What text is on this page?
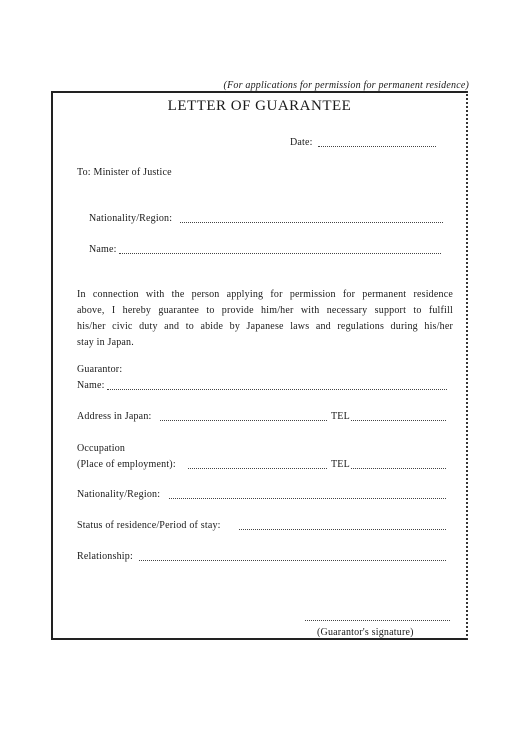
(For applications for permission for permanent residence)
LETTER OF GUARANTEE
Date:
To: Minister of Justice
Nationality/Region:
Name:
In connection with the person applying for permission for permanent residence
above, I hereby guarantee to provide him/her with necessary support to fulfill
his/her civic duty and to abide by Japanese laws and regulations during his/her
stay in Japan.
Guarantor:
Name:
Address in Japan:	TEL
Occupation
(Place of employment):	TEL
Nationality/Region:
Status of residence/Period of stay:
Relationship:
(Guarantor's signature)
